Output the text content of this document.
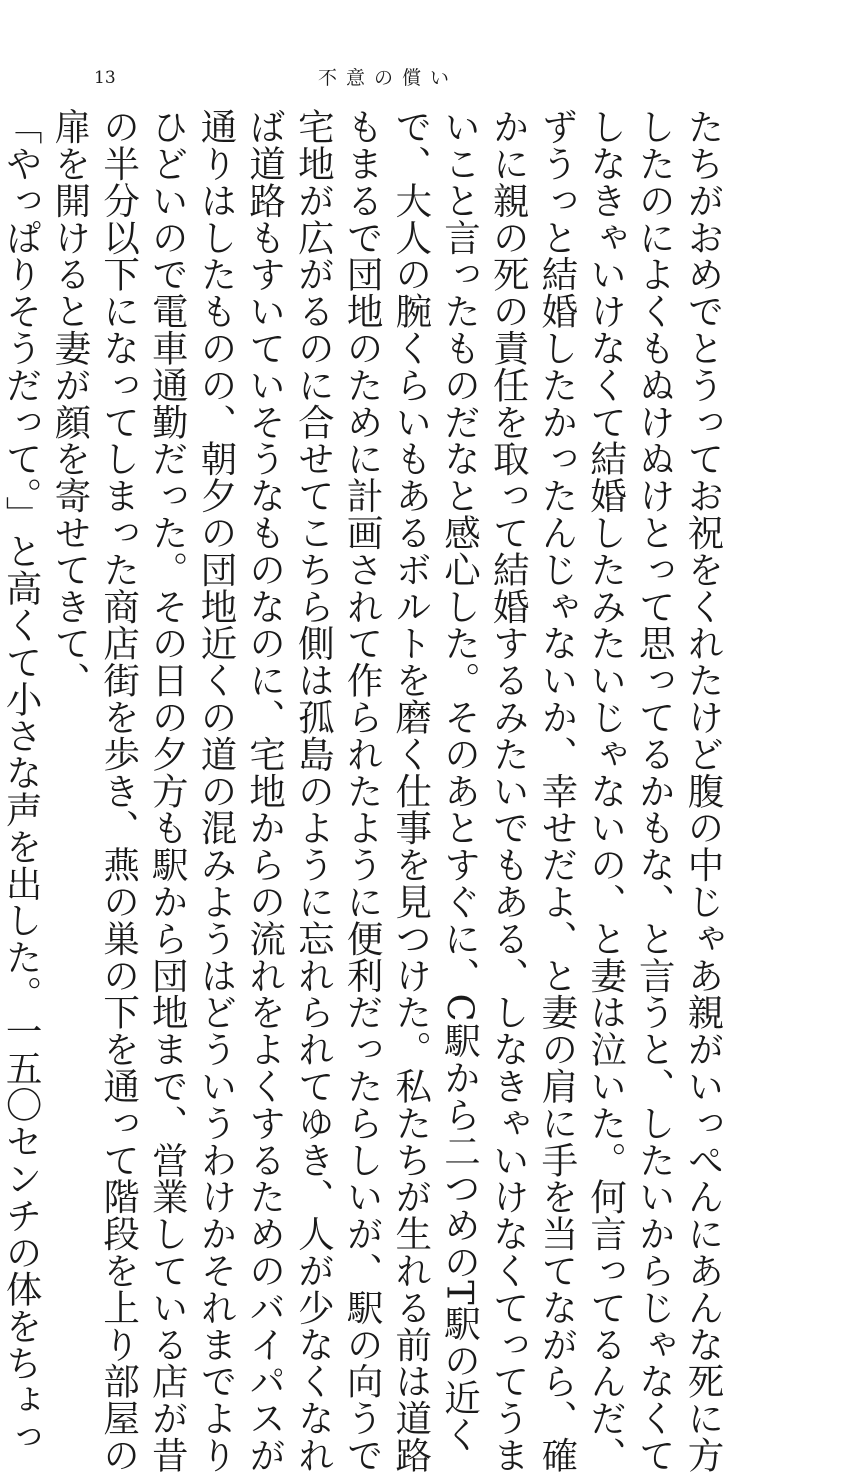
13	不意の償い
たちがおめでとうってお祝をくれたけど腹の中じゃあ親がいっぺんにあんな死に方
したのによくもぬけぬけとって思ってるかもな、と言うと、したいからじゃなくて
しなきゃいけなくて結婚したみたいじゃないの、と妻は泣いた。何言ってるんだ、
ずうっと結婚したかったんじゃないか、幸せだよ、と妻の肩に手を当てながら、確
かに親の死の責任を取って結婚するみたいでもある、しなきゃいけなくてってうま
いこと言ったものだなと感心した。そのあとすぐに、C駅から二つめのT駅の近く
で、大人の腕くらいもあるボルトを磨く仕事を見つけた。私たちが生れる前は道路
もまるで団地のために計画されて作られたように便利だったらしいが、駅の向うで
宅地が広がるのに合せてこちら側は孤島のように忘れられてゆき、人が少なくなれ
ば道路もすいていそうなものなのに、宅地からの流れをよくするためのバイパスが
通りはしたものの、朝夕の団地近くの道の混みようはどういうわけかそれまでより
ひどいので電車通勤だった。その日の夕方も駅から団地まで、営業している店が昔
の半分以下になってしまった商店街を歩き、燕の巣の下を通って階段を上り部屋の
扉を開けると妻が顔を寄せてきて、
「やっぱりそうだって。」と高くて小さな声を出した。一五〇センチの体をちょっ
